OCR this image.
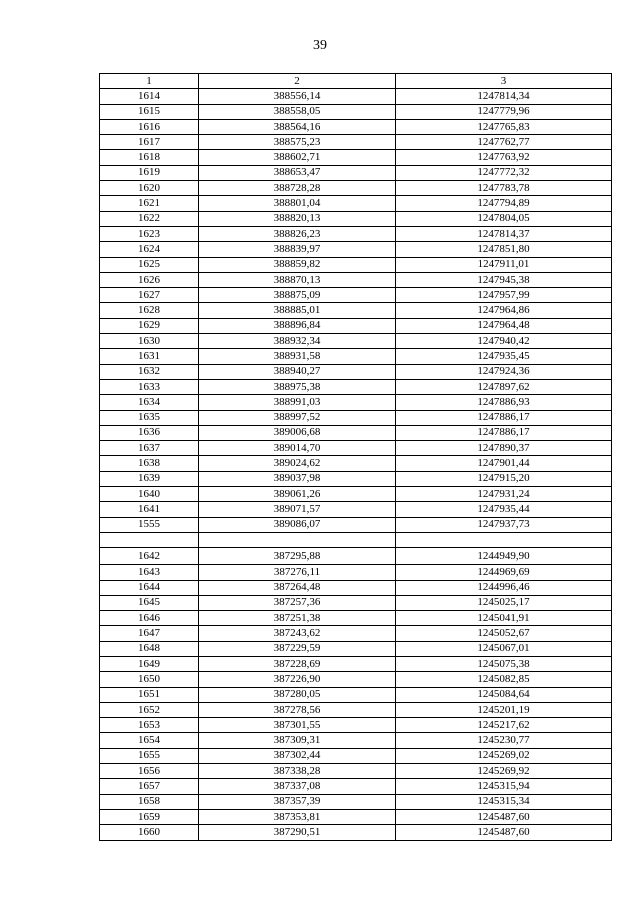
39
1	2	3
1614	388556,14	1247814,34
1615	388558,05	1247779,96
1616	388564,16	1247765,83
1617	388575,23	1247762,77
1618	388602,71	1247763,92
1619	388653,47	1247772,32
1620	388728,28	1247783,78
1621	388801,04	1247794,89
1622	388820,13	1247804,05
1623	388826,23	1247814,37
1624	388839,97	1247851,80
1625	388859,82	1247911,01
1626	388870,13	1247945,38
1627	388875,09	1247957,99
1628	388885,01	1247964,86
1629	388896,84	1247964,48
1630	388932,34	1247940,42
1631	388931,58	1247935,45
1632	388940,27	1247924,36
1633	388975,38	1247897,62
1634	388991,03	1247886,93
1635	388997,52	1247886,17
1636	389006,68	1247886,17
1637	389014,70	1247890,37
1638	389024,62	1247901,44
1639	389037,98	1247915,20
1640	389061,26	1247931,24
1641	389071,57	1247935,44
1555	389086,07	1247937,73

1642	387295,88	1244949,90
1643	387276,11	1244969,69
1644	387264,48	1244996,46
1645	387257,36	1245025,17
1646	387251,38	1245041,91
1647	387243,62	1245052,67
1648	387229,59	1245067,01
1649	387228,69	1245075,38
1650	387226,90	1245082,85
1651	387280,05	1245084,64
1652	387278,56	1245201,19
1653	387301,55	1245217,62
1654	387309,31	1245230,77
1655	387302,44	1245269,02
1656	387338,28	1245269,92
1657	387337,08	1245315,94
1658	387357,39	1245315,34
1659	387353,81	1245487,60
1660	387290,51	1245487,60
